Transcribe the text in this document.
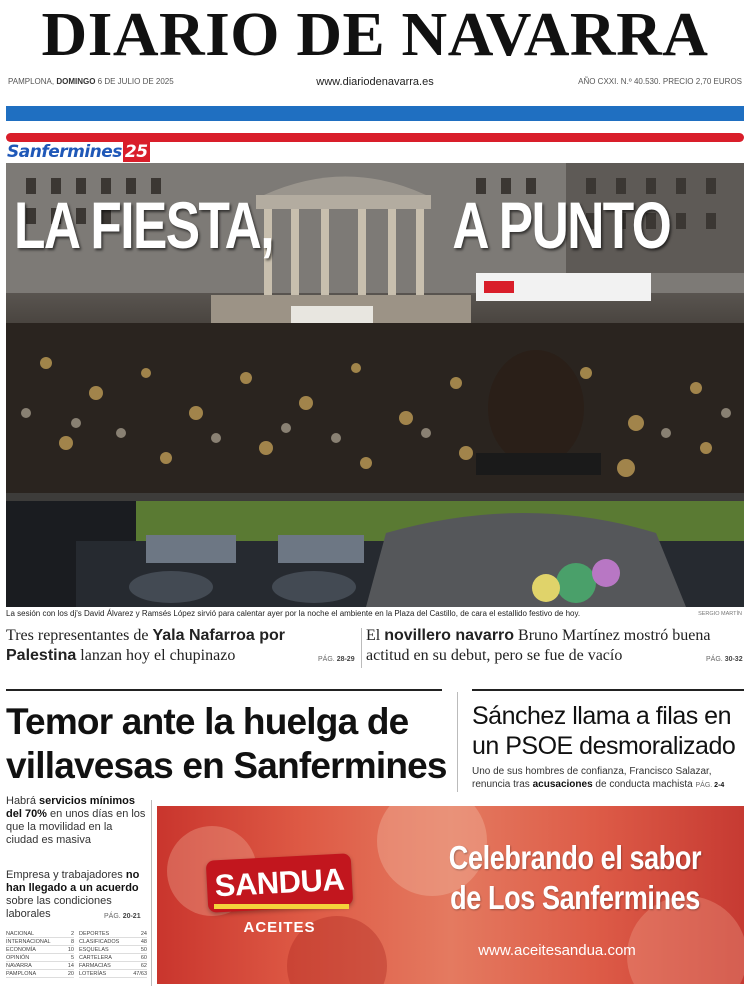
DIARIO DE NAVARRA
PAMPLONA, DOMINGO 6 DE JULIO DE 2025	www.diariodenavarra.es	AÑO CXXI. N.º 40.530. PRECIO 2,70 EUROS
Sanfermines 25
LA FIESTA,	A PUNTO
La sesión con los dj's David Álvarez y Ramsés López sirvió para calentar ayer por la noche el ambiente en la Plaza del Castillo, de cara el estallido festivo de hoy.	SERGIO MARTÍN
Tres representantes de Yala Nafarroa por Palestina lanzan hoy el chupinazo	PÁG. 28-29
El novillero navarro Bruno Martínez mostró buena actitud en su debut, pero se fue de vacío	PÁG. 30-32
Temor ante la huelga de villavesas en Sanfermines
Habrá servicios mínimos del 70% en unos días en los que la movilidad en la ciudad es masiva
Empresa y trabajadores no han llegado a un acuerdo sobre las condiciones laborales	PÁG. 20-21
Sánchez llama a filas en un PSOE desmoralizado
Uno de sus hombres de confianza, Francisco Salazar, renuncia tras acusaciones de conducta machista PÁG. 2-4
NACIONAL	2
INTERNACIONAL	8
ECONOMÍA	10
OPINIÓN	5
NAVARRA	14
PAMPLONA	20
DEPORTES	24
CLASIFICADOS	48
ESQUELAS	50
CARTELERA	60
FARMACIAS	62
LOTERÍAS	47/63
SANDUA
ACEITES
Celebrando el sabor
de Los Sanfermines
www.aceitesandua.com
